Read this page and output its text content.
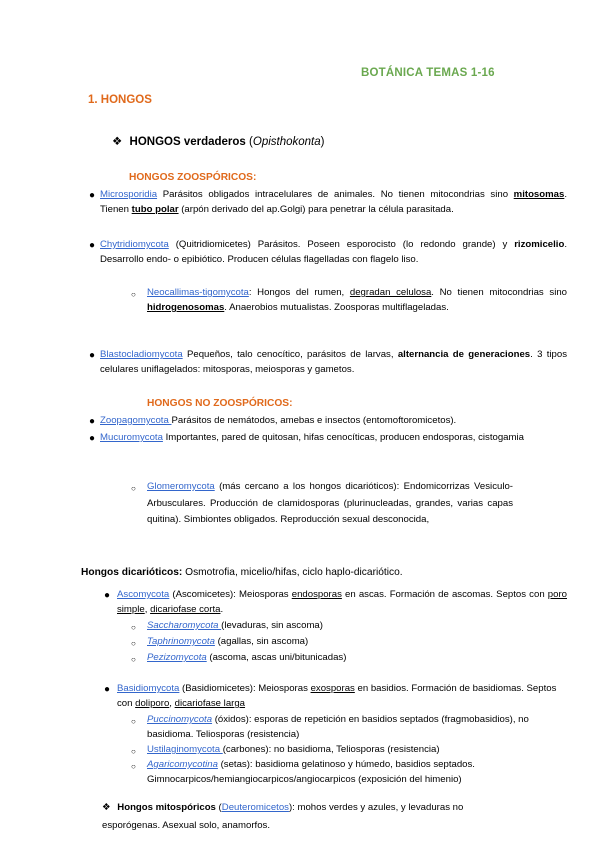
BOTÁNICA TEMAS 1-16
1. HONGOS
❖ HONGOS verdaderos (Opisthokonta)
HONGOS ZOOSPÓRICOS:
● Microsporidia Parásitos obligados intracelulares de animales. No tienen mitocondrias sino mitosomas. Tienen tubo polar (arpón derivado del ap.Golgi) para penetrar la célula parasitada.

● Chytridiomycota (Quitridiomicetes) Parásitos. Poseen esporocisto (lo redondo grande) y rizomicelio. Desarrollo endo- o epibiótico. Producen células flagelladas con flagelo liso.

○ Neocallimas-tigomycota: Hongos del rumen, degradan celulosa. No tienen mitocondrias sino hidrogenosomas. Anaerobios mutualistas. Zoosporas multiflageladas.

● Blastocladiomycota Pequeños, talo cenocítico, parásitos de larvas, alternancia de generaciones. 3 tipos celulares uniflagelados: mitosporas, meiosporas y gametos.

HONGOS NO ZOOSPÓRICOS:
● Zoopagomycota Parásitos de nemátodos, amebas e insectos (entomoftoromicetos).

● Mucuromycota Importantes, pared de quitosan, hifas cenocíticas, producen endosporas, cistogamia

○ Glomeromycota (más cercano a los hongos dicarióticos): Endomicorrizas Vesiculo-Arbusculares. Producción de clamidosporas (plurinucleadas, grandes, varias capas quitina). Simbiontes obligados. Reproducción sexual desconocida,

Hongos dicarióticos: Osmotrofia, micelio/hifas, ciclo haplo-dicariótico.

● Ascomycota (Ascomicetes): Meiosporas endosporas en ascas. Formación de ascomas. Septos con poro simple, dicariofase corta.

○ Saccharomycota (levaduras, sin ascoma)

○ Taphrinomycota (agallas, sin ascoma)

○ Pezizomycota (ascoma, ascas uni/bitunicadas)

● Basidiomycota (Basidiomicetes): Meiosporas exosporas en basidios. Formación de basidiomas. Septos con doliporo, dicariofase larga

○ Puccinomycota (óxidos): esporas de repetición en basidios septados (fragmobasidios), no basidioma. Teliosporas (resistencia)

○ Ustilaginomycota (carbones): no basidioma, Teliosporas (resistencia)

○ Agaricomycotina (setas): basidioma gelatinoso y húmedo, basidios septados. Gimnocarpicos/hemiangiocarpicos/angiocarpicos (exposición del himenio)

❖ Hongos mitospóricos (Deuteromicetos): mohos verdes y azules, y levaduras no esporógenas. Asexual solo, anamorfos.
